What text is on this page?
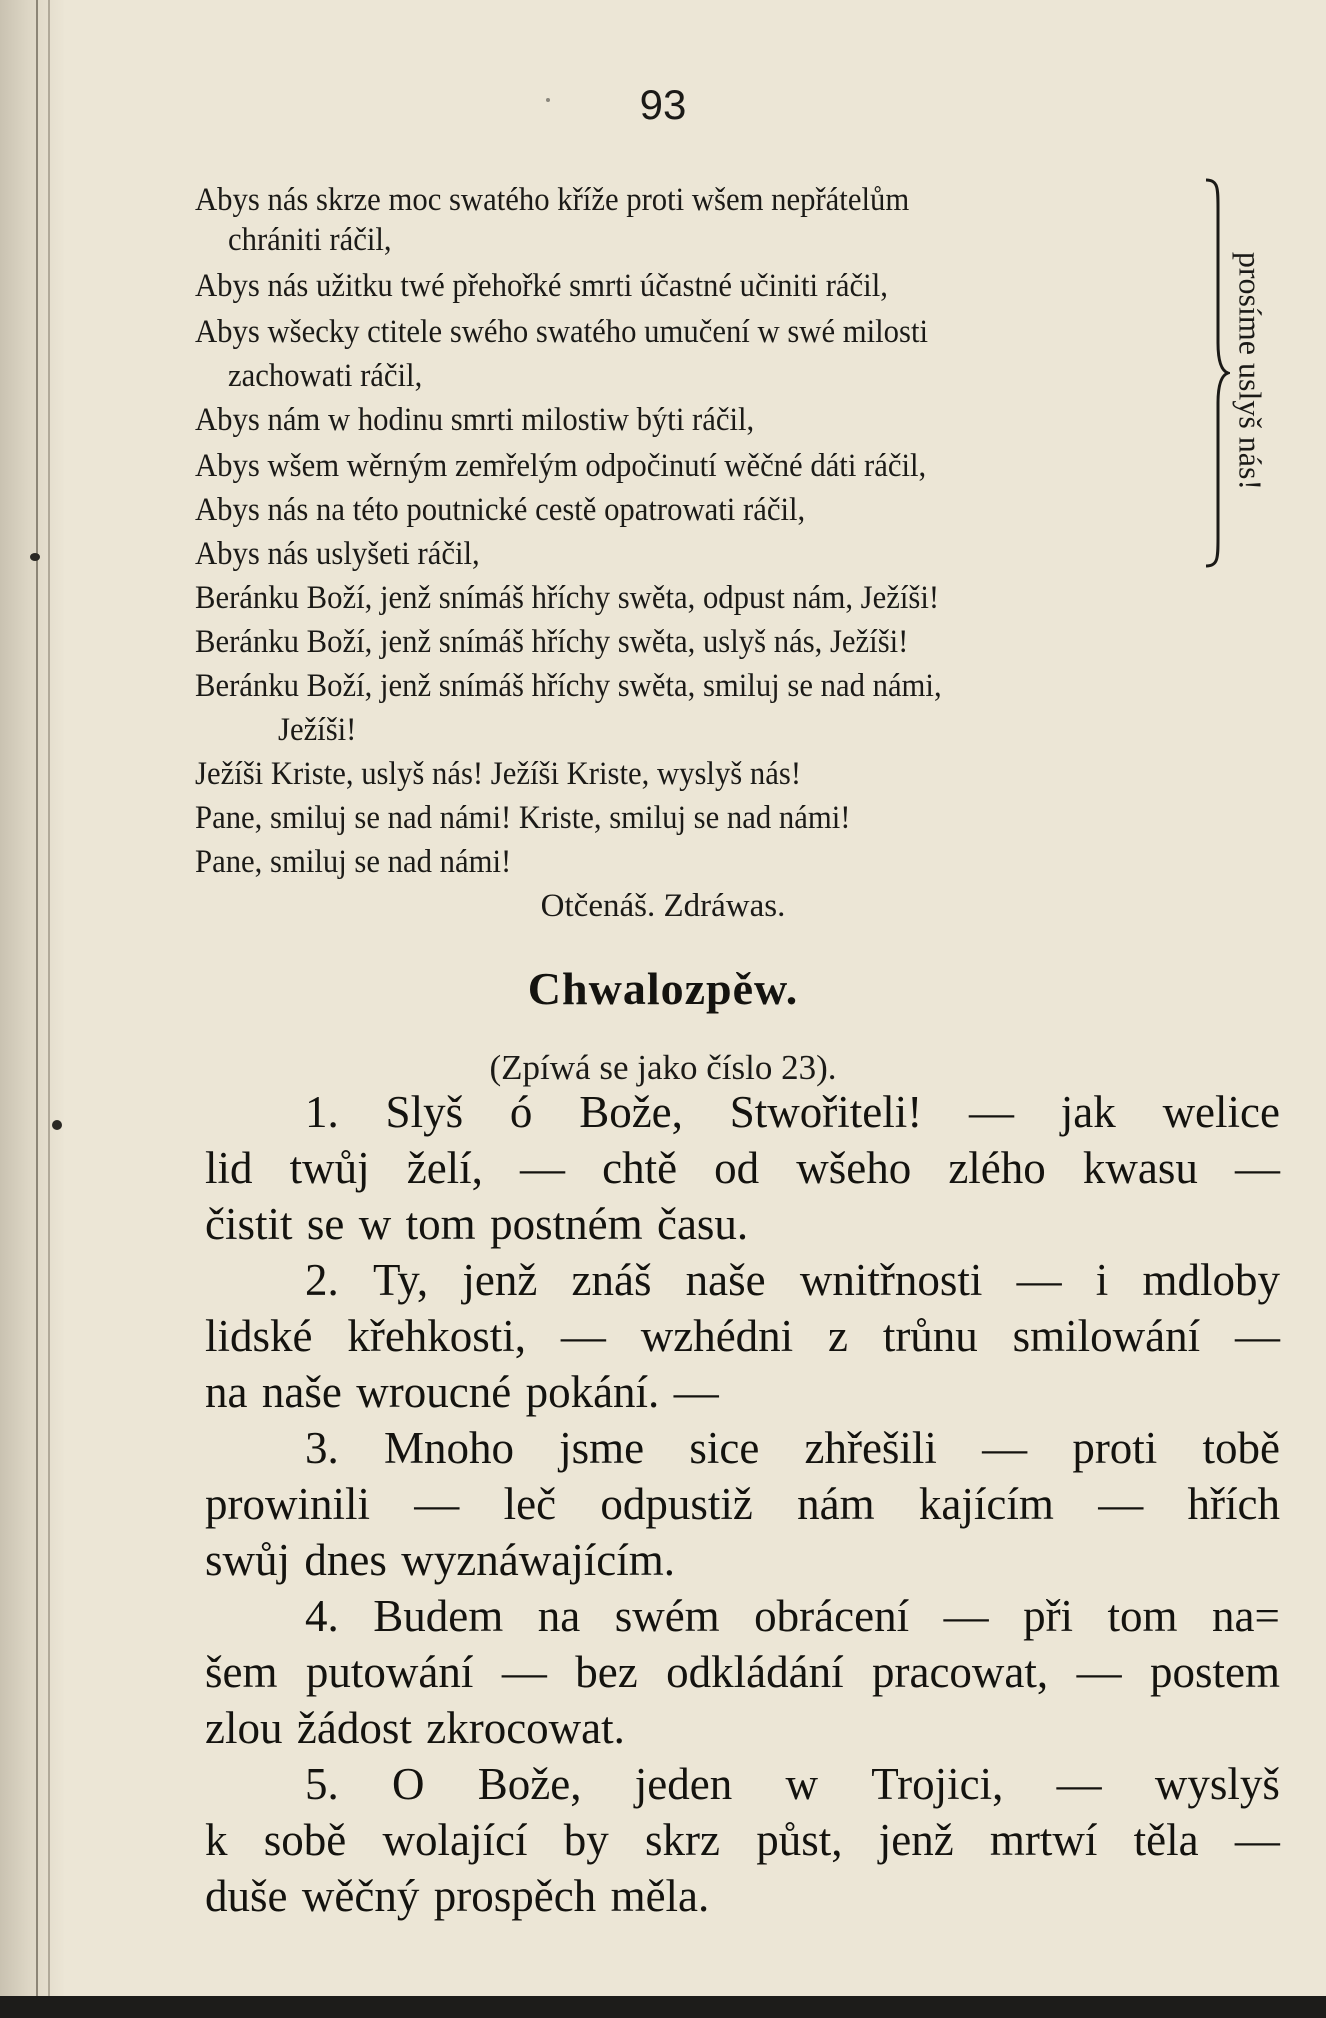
93
Abys nás skrze moc swatého kříže proti wšem nepřátelům
chrániti ráčil,
Abys nás užitku twé přehořké smrti účastné učiniti ráčil,
Abys wšecky ctitele swého swatého umučení w swé milosti
zachowati ráčil,
Abys nám w hodinu smrti milostiw býti ráčil,
Abys wšem wěrným zemřelým odpočinutí wěčné dáti ráčil,
Abys nás na této poutnické cestě opatrowati ráčil,
Abys nás uslyšeti ráčil,
Beránku Boží, jenž snímáš hříchy swěta, odpust nám, Ježíši!
Beránku Boží, jenž snímáš hříchy swěta, uslyš nás, Ježíši!
Beránku Boží, jenž snímáš hříchy swěta, smiluj se nad námi,
Ježíši!
Ježíši Kriste, uslyš nás! Ježíši Kriste, wyslyš nás!
Pane, smiluj se nad námi! Kriste, smiluj se nad námi!
Pane, smiluj se nad námi!
Otčenáš. Zdráwas.
prosíme uslyš nás!
Chwalozpěw.
(Zpíwá se jako číslo 23).
1. Slyš ó Bože, Stwořiteli! — jak welice
lid twůj želí, — chtě od wšeho zlého kwasu —
čistit se w tom postném času.
2. Ty, jenž znáš naše wnitřnosti — i mdloby
lidské křehkosti, — wzhédni z trůnu smilowání —
na naše wroucné pokání. —
3. Mnoho jsme sice zhřešili — proti tobě
prowinili — leč odpustiž nám kajícím — hřích
swůj dnes wyznáwajícím.
4. Budem na swém obrácení — při tom na=
šem putowání — bez odkládání pracowat, — postem
zlou žádost zkrocowat.
5. O Bože, jeden w Trojici, — wyslyš
k sobě wolající by skrz půst, jenž mrtwí těla —
duše wěčný prospěch měla.
